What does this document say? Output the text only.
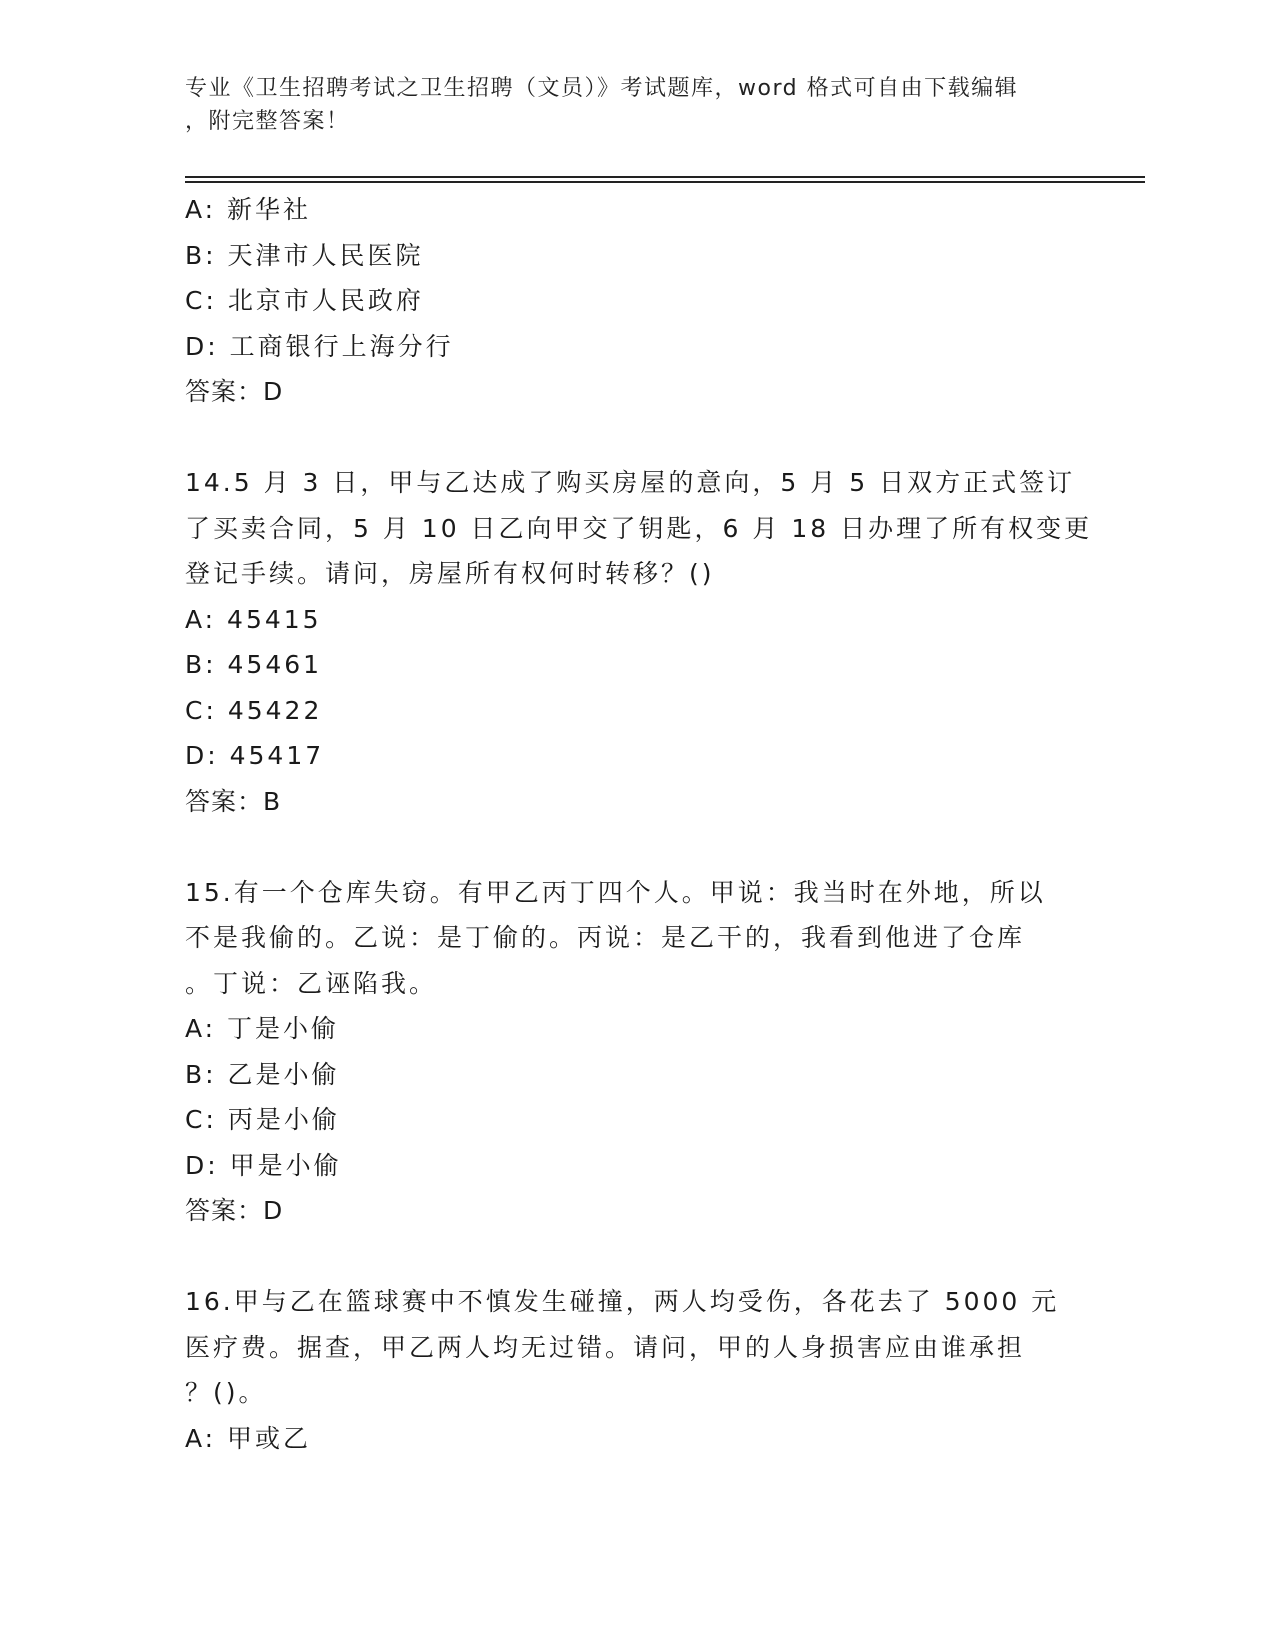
专业《卫生招聘考试之卫生招聘（文员）》考试题库，word 格式可自由下载编辑
，附完整答案！
A: 新华社
B: 天津市人民医院
C: 北京市人民政府
D: 工商银行上海分行
答案：D
14.5 月 3 日，甲与乙达成了购买房屋的意向，5 月 5 日双方正式签订
了买卖合同，5 月 10 日乙向甲交了钥匙，6 月 18 日办理了所有权变更
登记手续。请问，房屋所有权何时转移？()
A: 45415
B: 45461
C: 45422
D: 45417
答案：B
15.有一个仓库失窃。有甲乙丙丁四个人。甲说：我当时在外地，所以
不是我偷的。乙说：是丁偷的。丙说：是乙干的，我看到他进了仓库
。丁说：乙诬陷我。
A: 丁是小偷
B: 乙是小偷
C: 丙是小偷
D: 甲是小偷
答案：D
16.甲与乙在篮球赛中不慎发生碰撞，两人均受伤，各花去了 5000 元
医疗费。据查，甲乙两人均无过错。请问，甲的人身损害应由谁承担
？()。
A: 甲或乙
